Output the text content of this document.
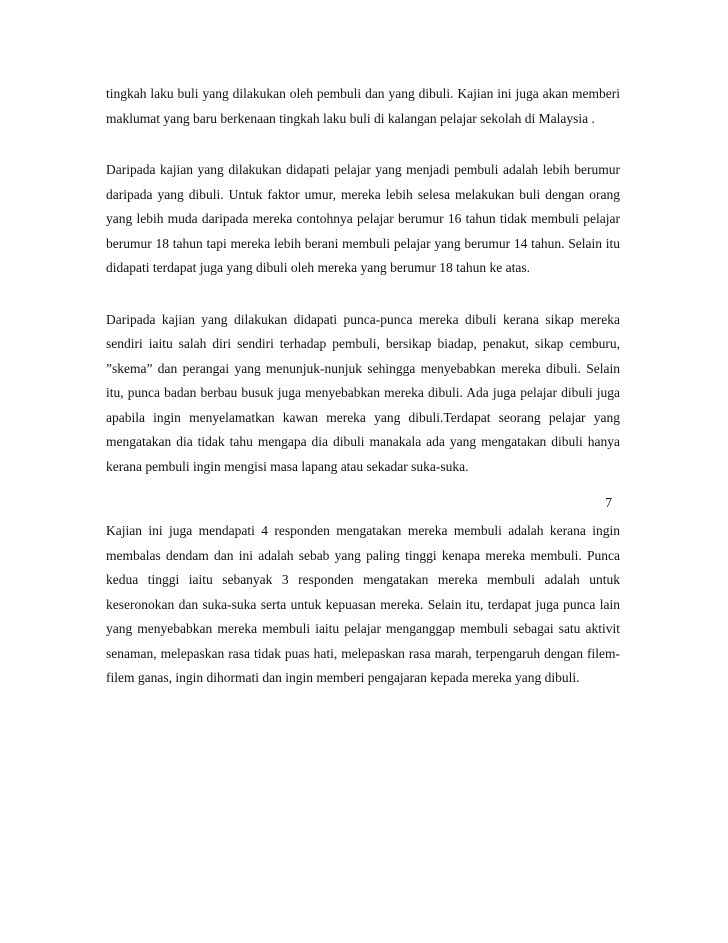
tingkah laku buli yang dilakukan oleh pembuli dan yang dibuli. Kajian ini juga akan memberi maklumat yang baru berkenaan tingkah laku buli di kalangan pelajar sekolah di Malaysia .

Daripada kajian yang dilakukan didapati pelajar yang menjadi pembuli adalah lebih berumur daripada yang dibuli. Untuk faktor umur, mereka lebih selesa melakukan buli dengan orang yang lebih muda daripada mereka contohnya pelajar berumur 16 tahun tidak membuli pelajar berumur 18 tahun tapi mereka lebih berani membuli pelajar yang berumur 14 tahun. Selain itu didapati terdapat juga yang dibuli oleh mereka yang berumur 18 tahun ke atas.

Daripada kajian yang dilakukan didapati punca-punca mereka dibuli kerana sikap mereka sendiri iaitu salah diri sendiri terhadap pembuli, bersikap biadap, penakut, sikap cemburu, ”skema” dan perangai yang menunjuk-nunjuk sehingga menyebabkan mereka dibuli. Selain itu, punca badan berbau busuk juga menyebabkan mereka dibuli. Ada juga pelajar dibuli juga apabila ingin menyelamatkan kawan mereka yang dibuli.Terdapat seorang pelajar yang mengatakan dia tidak tahu mengapa dia dibuli manakala ada yang mengatakan dibuli hanya kerana pembuli ingin mengisi masa lapang atau sekadar suka-suka.

7

Kajian ini juga mendapati 4 responden mengatakan mereka membuli adalah kerana ingin membalas dendam dan ini adalah sebab yang paling tinggi kenapa mereka membuli. Punca kedua tinggi iaitu sebanyak 3 responden mengatakan mereka membuli adalah untuk keseronokan dan suka-suka serta untuk kepuasan mereka. Selain itu, terdapat juga punca lain yang menyebabkan mereka membuli iaitu pelajar menganggap membuli sebagai satu aktivit senaman, melepaskan rasa tidak puas hati, melepaskan rasa marah, terpengaruh dengan filem-filem ganas, ingin dihormati dan ingin memberi pengajaran kepada mereka yang dibuli.
